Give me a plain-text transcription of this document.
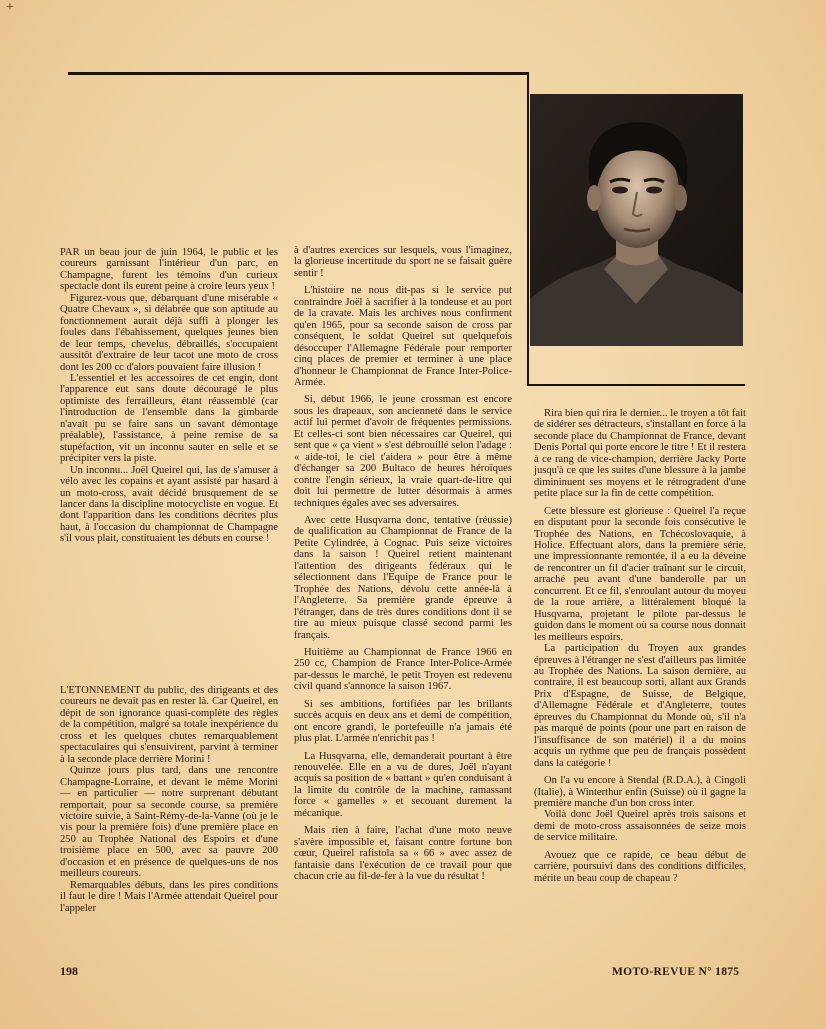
+

PAR un beau jour de juin 1964, le public et les coureurs garnissant l'intérieur d'un parc, en Champagne, furent les témoins d'un curieux spectacle dont ils eurent peine à croire leurs yeux !

Figurez-vous que, débarquant d'une misérable « Quatre Chevaux », si délabrée que son aptitude au fonctionnement aurait déjà suffi à plonger les foules dans l'ébahissement, quelques jeunes bien de leur temps, chevelus, débraillés, s'occupaient aussitôt d'extraire de leur tacot une moto de cross dont les 200 cc d'alors pouvaient faire illusion !

L'essentiel et les accessoires de cet engin, dont l'apparence eut sans doute découragé le plus optimiste des ferrailleurs, étant réassemblé (car l'introduction de l'ensemble dans la gimbarde n'avait pu se faire sans un savant démontage préalable), l'assistance, à peine remise de sa stupéfaction, vit un inconnu sauter en selle et se précipiter vers la piste.

Un inconnu... Joël Queirel qui, las de s'amuser à vélo avec les copains et ayant assisté par hasard à un moto-cross, avait décidé brusquement de se lancer dans la discipline motocycliste en vogue. Et dont l'apparition dans les conditions décrites plus haut, à l'occasion du championnat de Champagne s'il vous plait, constituaient les débuts en course !

L'ETONNEMENT du public, des dirigeants et des coureurs ne devait pas en rester là. Car Queirel, en dépit de son ignorance quasi-complète des règles de la compétition, malgré sa totale inexpérience du cross et les quelques chutes remarquablement spectaculaires qui s'ensuivirent, parvint à terminer à la seconde place derrière Morini !

Quinze jours plus tard, dans une rencontre Champagne-Lorraine, et devant le même Morini — en particulier — notre surprenant débutant remportait, pour sa seconde course, sa première victoire suivie, à Saint-Rémy-de-la-Vanne (où je le vis pour la première fois) d'une première place en 250 au Trophée National des Espoirs et d'une troisième place en 500, avec sa pauvre 200 d'occasion et en présence de quelques-uns de nos meilleurs coureurs.

Remarquables débuts, dans les pires conditions il faut le dire ! Mais l'Armée attendait Queirel pour l'appeler

à d'autres exercices sur lesquels, vous l'imaginez, la glorieuse incertitude du sport ne se faisait guère sentir !

L'histoire ne nous dit-pas si le service put contraindre Joël à sacrifier à la tondeuse et au port de la cravate. Mais les archives nous confirment qu'en 1965, pour sa seconde saison de cross par conséquent, le soldat Queirel sut quelquefois désoccuper l'Allemagne Fédérale pour remporter cinq places de premier et terminer à une place d'honneur le Championnat de France Inter-Police-Armée.

Si, début 1966, le jeune crossman est encore sous les drapeaux, son ancienneté dans le service actif lui permet d'avoir de fréquentes permissions. Et celles-ci sont bien nécessaires car Queirel, qui sent que « ça vient » s'est débrouillé selon l'adage : « aide-toi, le ciel t'aidera » pour être à même d'échanger sa 200 Bultaco de heures héroïques contre l'engin sérieux, la vraie quart-de-litre qui doit lui permettre de lutter désormais à armes techniques égales avec ses adversaires.

Avec cette Husqvarna donc, tentative (réussie) de qualification au Championnat de France de la Petite Cylindrée, à Cognac. Puis seize victoires dans la saison ! Queirel retient maintenant l'attention des dirigeants fédéraux qui le sélectionnent dans l'Equipe de France pour le Trophée des Nations, dévolu cette année-là à l'Angleterre. Sa première grande épreuve à l'étranger, dans de très dures conditions dont il se tire au mieux puisque classé second parmi les français.

Huitième au Championnat de France 1966 en 250 cc, Champion de France Inter-Police-Armée par-dessus le marché, le petit Troyen est redevenu civil quand s'annonce la saison 1967.

Si ses ambitions, fortifiées par les brillants succès acquis en deux ans et demi de compétition, ont encore grandi, le portefeuille n'a jamais été plus plat. L'armée n'enrichit pas !

La Husqvarna, elle, demanderait pourtant à être renouvelée. Elle en a vu de dures, Joël n'ayant acquis sa position de « battant » qu'en conduisant à la limite du contrôle de la machine, ramassant force « gamelles » et secouant durement la mécanique.

Mais rien à faire, l'achat d'une moto neuve s'avère impossible et, faisant contre fortune bon cœur, Queirel rafistola sa « 66 » avec assez de fantaisie dans l'exécution de ce travail pour que chacun crie au fil-de-fer à la vue du résultat !

Rira bien qui rira le dernier... le troyen a tôt fait de sidérer ses détracteurs, s'installant en force à la seconde place du Championnat de France, devant Denis Portal qui porte encore le titre ! Et il restera à ce rang de vice-champion, derrière Jacky Porte jusqu'à ce que les suites d'une blessure à la jambe dimininuent ses moyens et le rétrogradent d'une petite place sur la fin de cette compétition.

Cette blessure est glorieuse : Queirel l'a reçue en disputant pour la seconde fois consécutive le Trophée des Nations, en Tchécoslovaquie, à Holice. Effectuant alors, dans la première série, une impressionnante remontée, il a eu la déveine de rencontrer un fil d'acier traînant sur le circuit, arraché peu avant d'une banderolle par un concurrent. Et ce fil, s'enroulant autour du moyeu de la roue arrière, a littéralement bloqué la Husqvarna, projetant le pilote par-dessus le guidon dans le moment où sa course nous donnait les meilleurs espoirs.

La participation du Troyen aux grandes épreuves à l'étranger ne s'est d'ailleurs pas limitée au Trophée des Nations. La saison dernière, au contraire, il est beaucoup sorti, allant aux Grands Prix d'Espagne, de Suisse, de Belgique, d'Allemagne Fédérale et d'Angleterre, toutes épreuves du Championnat du Monde où, s'il n'a pas marqué de points (pour une part en raison de l'insuffisance de son matériel) il a du moins acquis un rythme que peu de français possèdent dans la catégorie !

On l'a vu encore à Stendal (R.D.A.), à Cingoli (Italie), à Winterthur enfin (Suisse) où il gagne la première manche d'un bon cross inter.

Voilà donc Joël Queirel après trois saisons et demi de moto-cross assaisonnées de seize mois de service militaire.

Avouez que ce rapide, ce beau début de carrière, poursuivi dans des conditions difficiles, mérite un beau coup de chapeau ?

198	MOTO-REVUE N° 1875
